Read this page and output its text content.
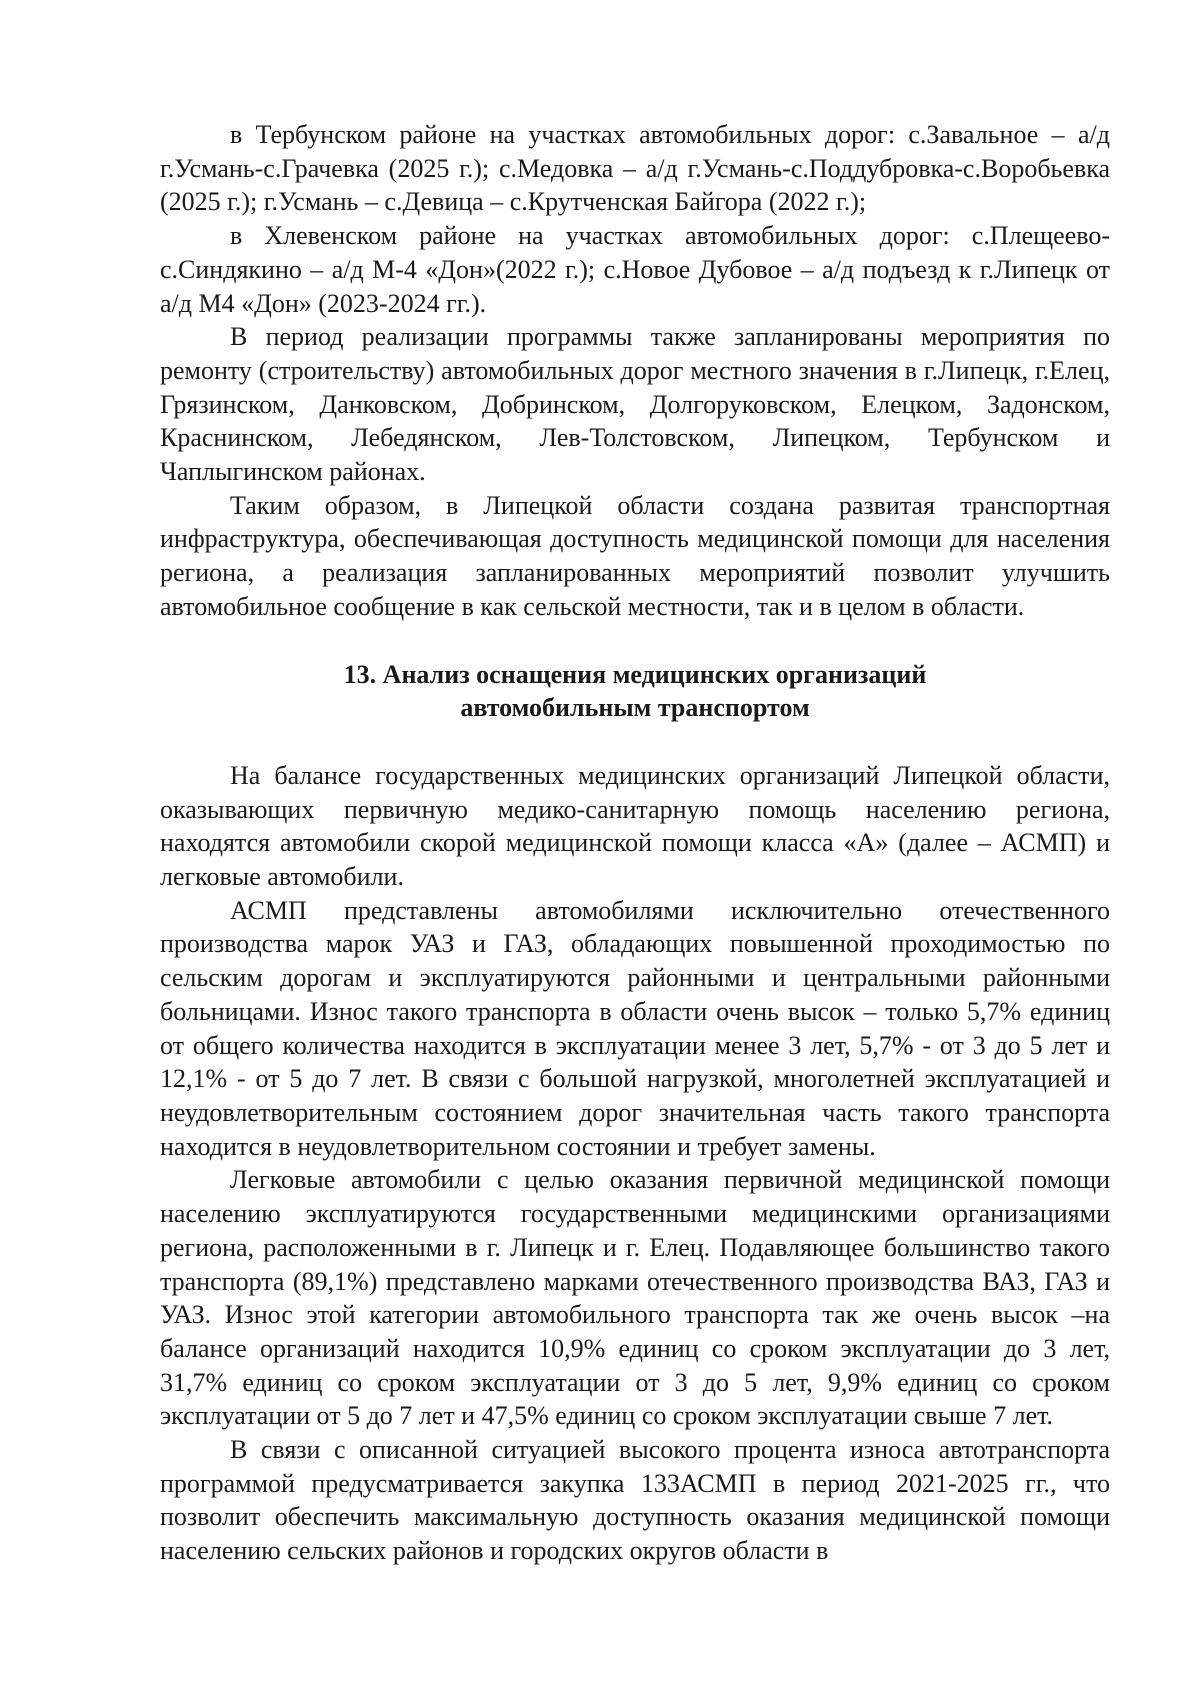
в Тербунском районе на участках автомобильных дорог: с.Завальное – а/д г.Усмань-с.Грачевка (2025 г.); с.Медовка – а/д г.Усмань-с.Поддубровка-с.Воробьевка (2025 г.); г.Усмань – с.Девица – с.Крутченская Байгора (2022 г.);

в Хлевенском районе на участках автомобильных дорог: с.Плещеево-с.Синдякино – а/д М-4 «Дон»(2022 г.); с.Новое Дубовое – а/д подъезд к г.Липецк от а/д М4 «Дон» (2023-2024 гг.).

В период реализации программы также запланированы мероприятия по ремонту (строительству) автомобильных дорог местного значения в г.Липецк, г.Елец, Грязинском, Данковском, Добринском, Долгоруковском, Елецком, Задонском, Краснинском, Лебедянском, Лев-Толстовском, Липецком, Тербунском и Чаплыгинском районах.

Таким образом, в Липецкой области создана развитая транспортная инфраструктура, обеспечивающая доступность медицинской помощи для населения региона, а реализация запланированных мероприятий позволит улучшить автомобильное сообщение в как сельской местности, так и в целом в области.

13. Анализ оснащения медицинских организаций
автомобильным транспортом

На балансе государственных медицинских организаций Липецкой области, оказывающих первичную медико-санитарную помощь населению региона, находятся автомобили скорой медицинской помощи класса «А» (далее – АСМП) и легковые автомобили.

АСМП представлены автомобилями исключительно отечественного производства марок УАЗ и ГАЗ, обладающих повышенной проходимостью по сельским дорогам и эксплуатируются районными и центральными районными больницами. Износ такого транспорта в области очень высок – только 5,7% единиц от общего количества находится в эксплуатации менее 3 лет, 5,7% - от 3 до 5 лет и 12,1% - от 5 до 7 лет. В связи с большой нагрузкой, многолетней эксплуатацией и неудовлетворительным состоянием дорог значительная часть такого транспорта находится в неудовлетворительном состоянии и требует замены.

Легковые автомобили с целью оказания первичной медицинской помощи населению эксплуатируются государственными медицинскими организациями региона, расположенными в г. Липецк и г. Елец. Подавляющее большинство такого транспорта (89,1%) представлено марками отечественного производства ВАЗ, ГАЗ и УАЗ. Износ этой категории автомобильного транспорта так же очень высок –на балансе организаций находится 10,9% единиц со сроком эксплуатации до 3 лет, 31,7% единиц со сроком эксплуатации от 3 до 5 лет, 9,9% единиц со сроком эксплуатации от 5 до 7 лет и 47,5% единиц со сроком эксплуатации свыше 7 лет.

В связи с описанной ситуацией высокого процента износа автотранспорта программой предусматривается закупка 133АСМП в период 2021-2025 гг., что позволит обеспечить максимальную доступность оказания медицинской помощи населению сельских районов и городских округов области в
